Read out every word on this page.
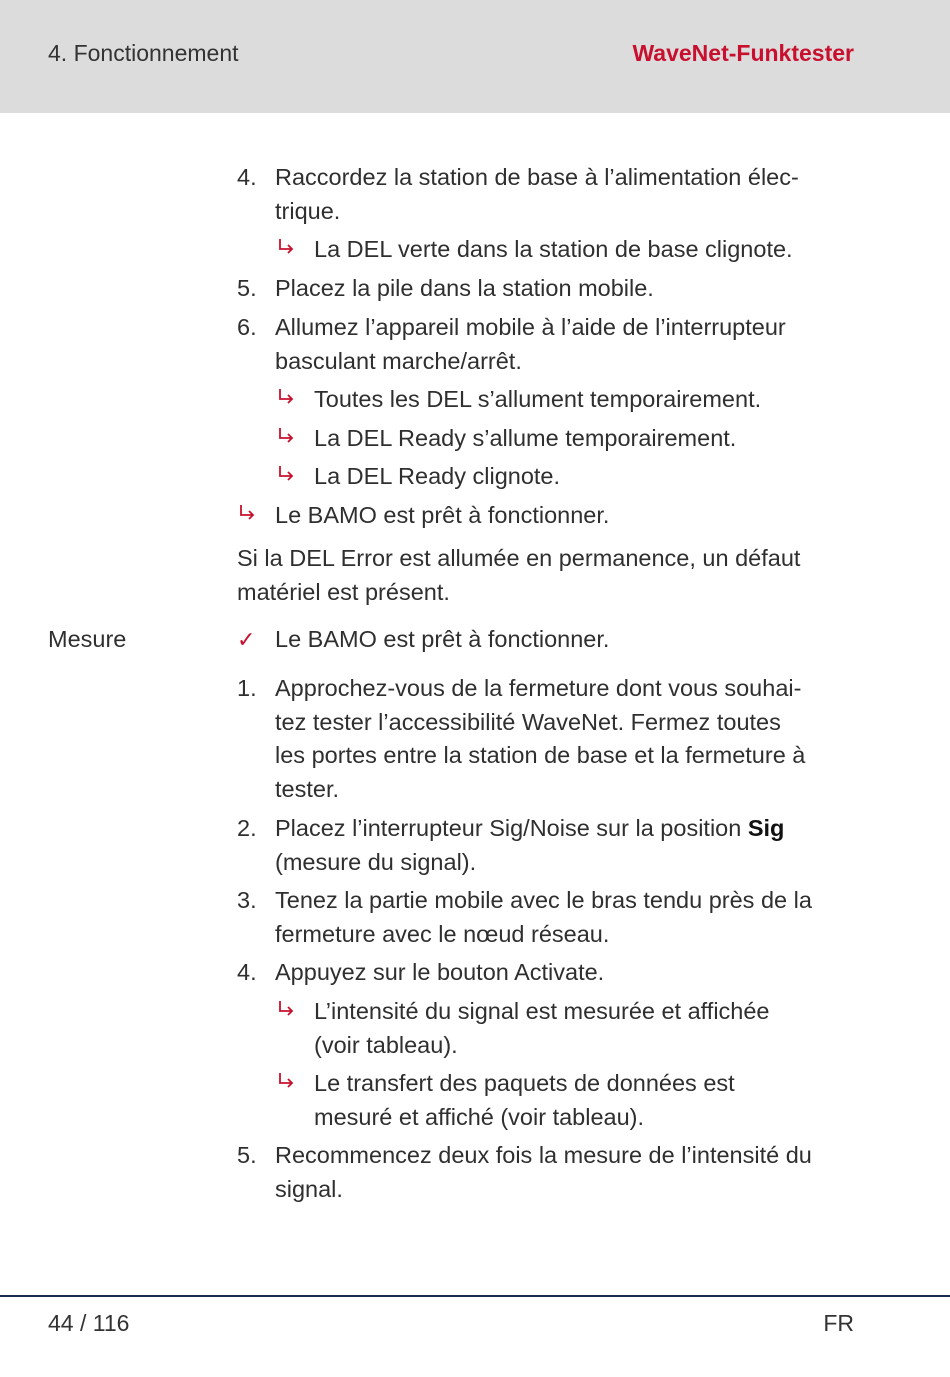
4. Fonctionnement	WaveNet-Funktester
4. Raccordez la station de base à l’alimentation élec-
trique.
La DEL verte dans la station de base clignote.
5. Placez la pile dans la station mobile.
6. Allumez l’appareil mobile à l’aide de l’interrupteur
basculant marche/arrêt.
Toutes les DEL s’allument temporairement.
La DEL Ready s’allume temporairement.
La DEL Ready clignote.
Le BAMO est prêt à fonctionner.
Si la DEL Error est allumée en permanence, un défaut
matériel est présent.
Mesure	✓ Le BAMO est prêt à fonctionner.
1. Approchez-vous de la fermeture dont vous souhai-
tez tester l’accessibilité WaveNet. Fermez toutes
les portes entre la station de base et la fermeture à
tester.
2. Placez l’interrupteur Sig/Noise sur la position Sig
(mesure du signal).
3. Tenez la partie mobile avec le bras tendu près de la
fermeture avec le nœud réseau.
4. Appuyez sur le bouton Activate.
L’intensité du signal est mesurée et affichée
(voir tableau).
Le transfert des paquets de données est
mesuré et affiché (voir tableau).
5. Recommencez deux fois la mesure de l’intensité du
signal.
44 / 116	FR
